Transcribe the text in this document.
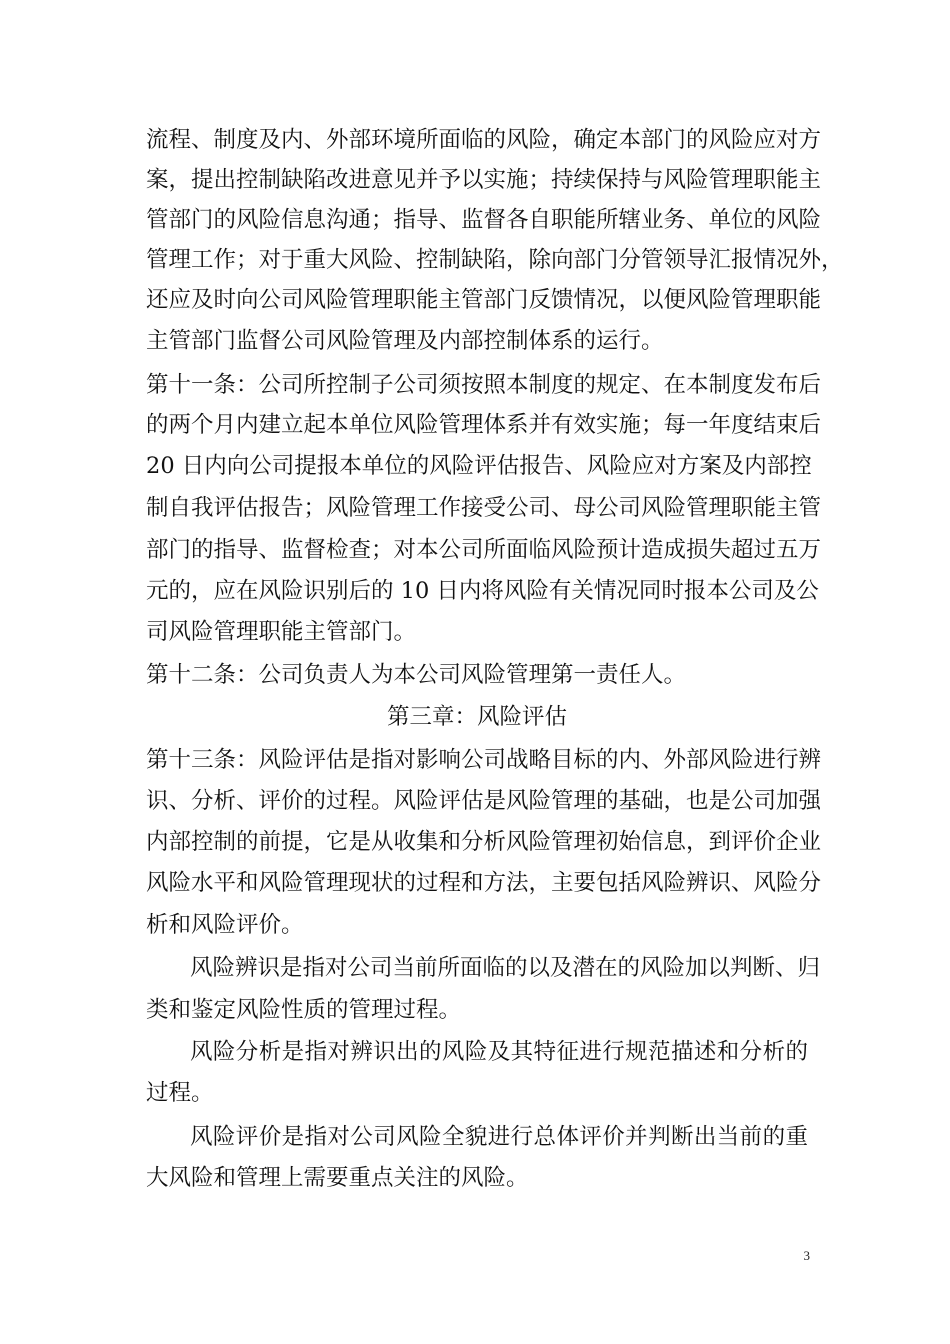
流程、制度及内、外部环境所面临的风险，确定本部门的风险应对方
案，提出控制缺陷改进意见并予以实施；持续保持与风险管理职能主
管部门的风险信息沟通；指导、监督各自职能所辖业务、单位的风险
管理工作；对于重大风险、控制缺陷，除向部门分管领导汇报情况外，
还应及时向公司风险管理职能主管部门反馈情况，以便风险管理职能
主管部门监督公司风险管理及内部控制体系的运行。
第十一条：公司所控制子公司须按照本制度的规定、在本制度发布后
的两个月内建立起本单位风险管理体系并有效实施；每一年度结束后
20 日内向公司提报本单位的风险评估报告、风险应对方案及内部控
制自我评估报告；风险管理工作接受公司、母公司风险管理职能主管
部门的指导、监督检查；对本公司所面临风险预计造成损失超过五万
元的，应在风险识别后的 10 日内将风险有关情况同时报本公司及公
司风险管理职能主管部门。
第十二条：公司负责人为本公司风险管理第一责任人。
第三章：风险评估
第十三条：风险评估是指对影响公司战略目标的内、外部风险进行辨
识、分析、评价的过程。风险评估是风险管理的基础，也是公司加强
内部控制的前提，它是从收集和分析风险管理初始信息，到评价企业
风险水平和风险管理现状的过程和方法，主要包括风险辨识、风险分
析和风险评价。
风险辨识是指对公司当前所面临的以及潜在的风险加以判断、归
类和鉴定风险性质的管理过程。
风险分析是指对辨识出的风险及其特征进行规范描述和分析的
过程。
风险评价是指对公司风险全貌进行总体评价并判断出当前的重
大风险和管理上需要重点关注的风险。
3
